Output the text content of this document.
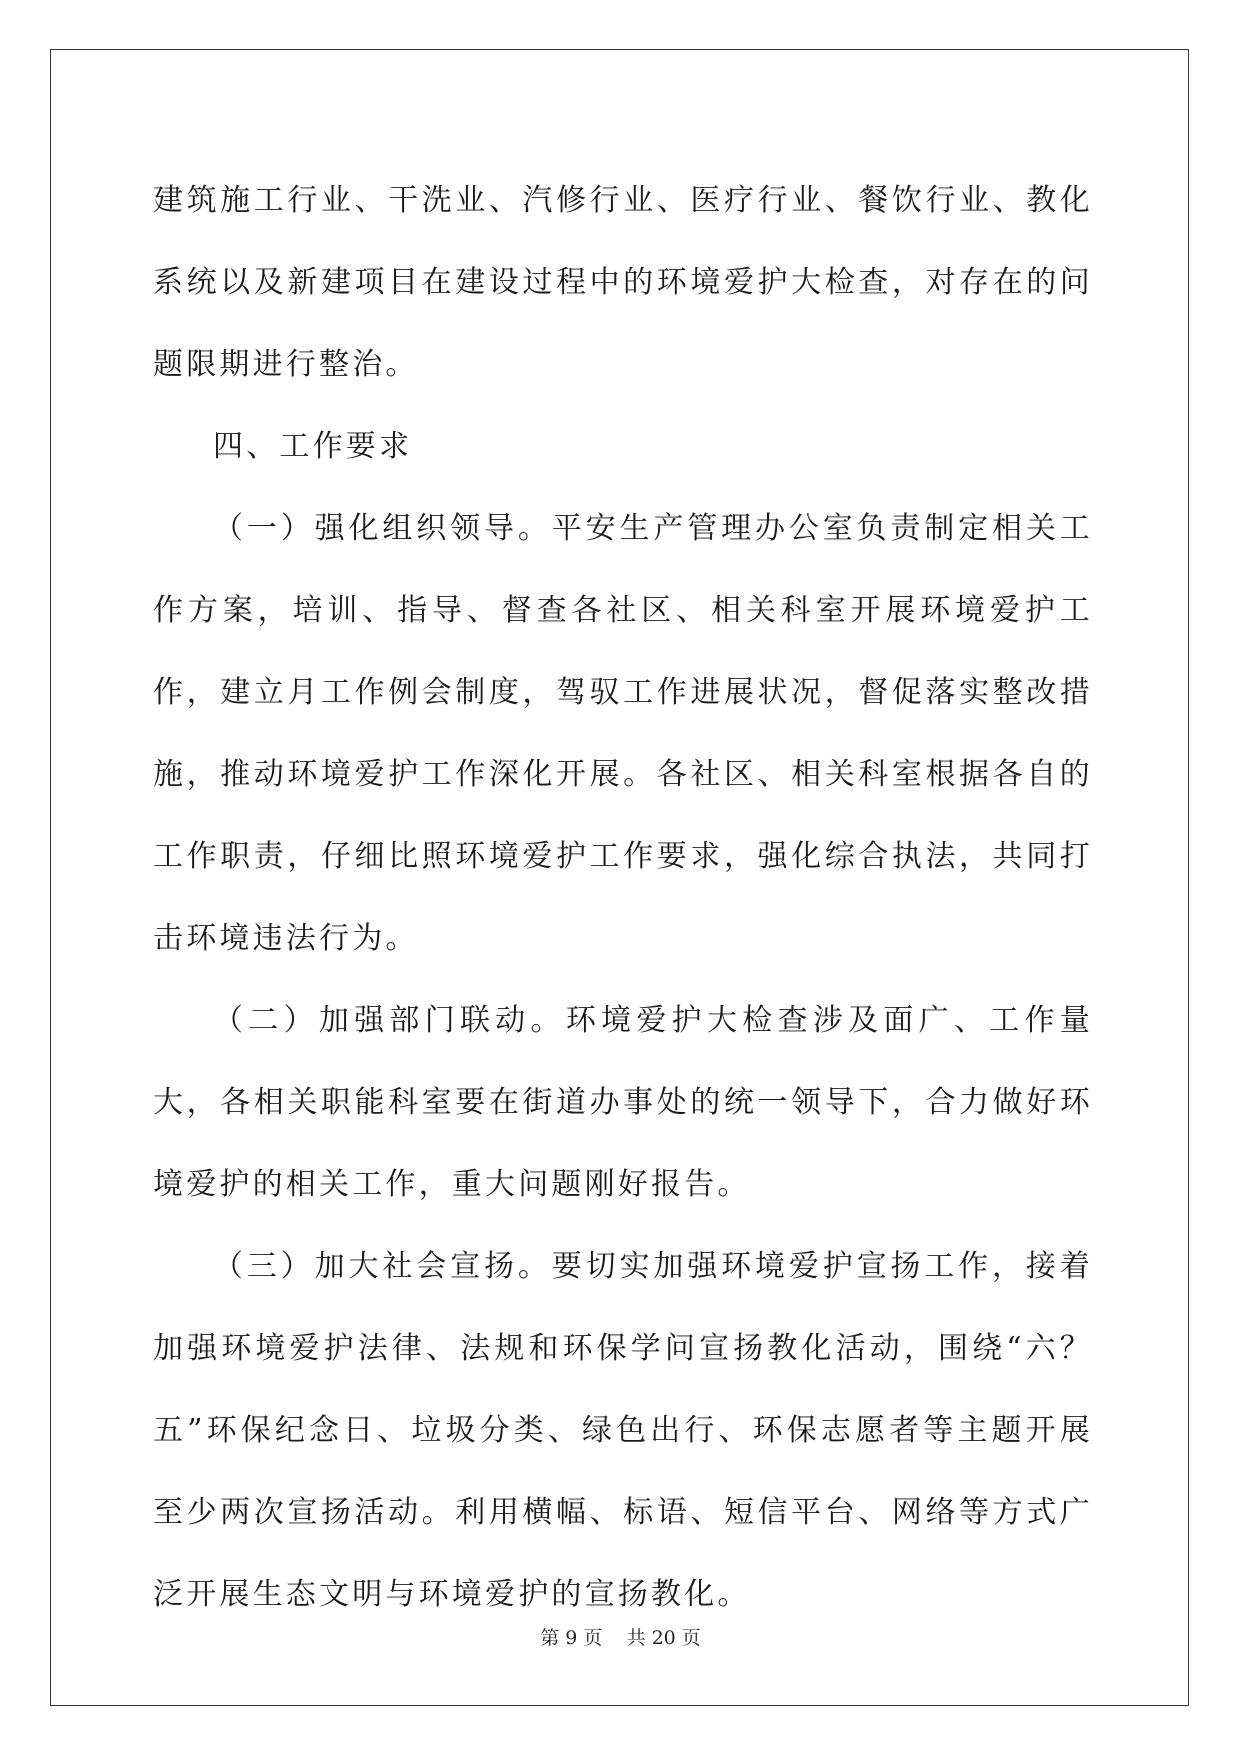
建筑施工行业、干洗业、汽修行业、医疗行业、餐饮行业、教化系统以及新建项目在建设过程中的环境爱护大检查，对存在的问题限期进行整治。

四、工作要求

（一）强化组织领导。平安生产管理办公室负责制定相关工作方案，培训、指导、督查各社区、相关科室开展环境爱护工作，建立月工作例会制度，驾驭工作进展状况，督促落实整改措施，推动环境爱护工作深化开展。各社区、相关科室根据各自的工作职责，仔细比照环境爱护工作要求，强化综合执法，共同打击环境违法行为。

（二）加强部门联动。环境爱护大检查涉及面广、工作量大，各相关职能科室要在街道办事处的统一领导下，合力做好环境爱护的相关工作，重大问题刚好报告。

（三）加大社会宣扬。要切实加强环境爱护宣扬工作，接着加强环境爱护法律、法规和环保学问宣扬教化活动，围绕“六？五”环保纪念日、垃圾分类、绿色出行、环保志愿者等主题开展至少两次宣扬活动。利用横幅、标语、短信平台、网络等方式广泛开展生态文明与环境爱护的宣扬教化。

第 9 页    共 20 页
